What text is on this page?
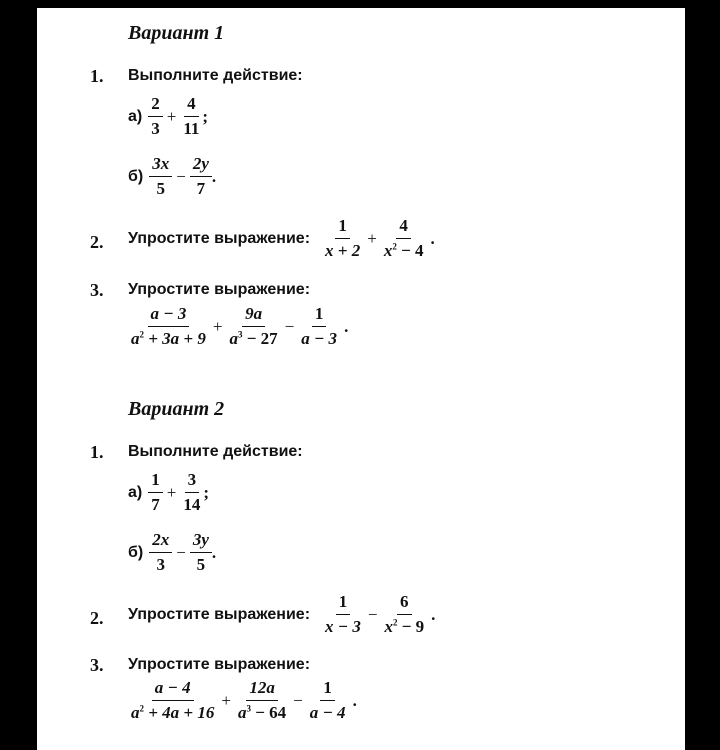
Вариант 1
1. Выполните действие:
$а) \frac{2}{3} + \frac{4}{11}$ ;
$б) \frac{3x}{5} - \frac{2y}{7}$ .
2. Упростите выражение: $\frac{1}{x + 2} + \frac{4}{x^2 - 4}$ .
3. Упростите выражение:
$\frac{a - 3}{a^2 + 3a + 9} + \frac{9a}{a^3 - 27} - \frac{1}{a - 3}$ .
Вариант 2
1. Выполните действие:
$а) \frac{1}{7} + \frac{3}{14}$ ;
$б) \frac{2x}{3} - \frac{3y}{5}$ .
2. Упростите выражение: $\frac{1}{x - 3} - \frac{6}{x^2 - 9}$ .
3. Упростите выражение:
$\frac{a - 4}{a^2 + 4a + 16} + \frac{12a}{a^3 - 64} - \frac{1}{a - 4}$ .
